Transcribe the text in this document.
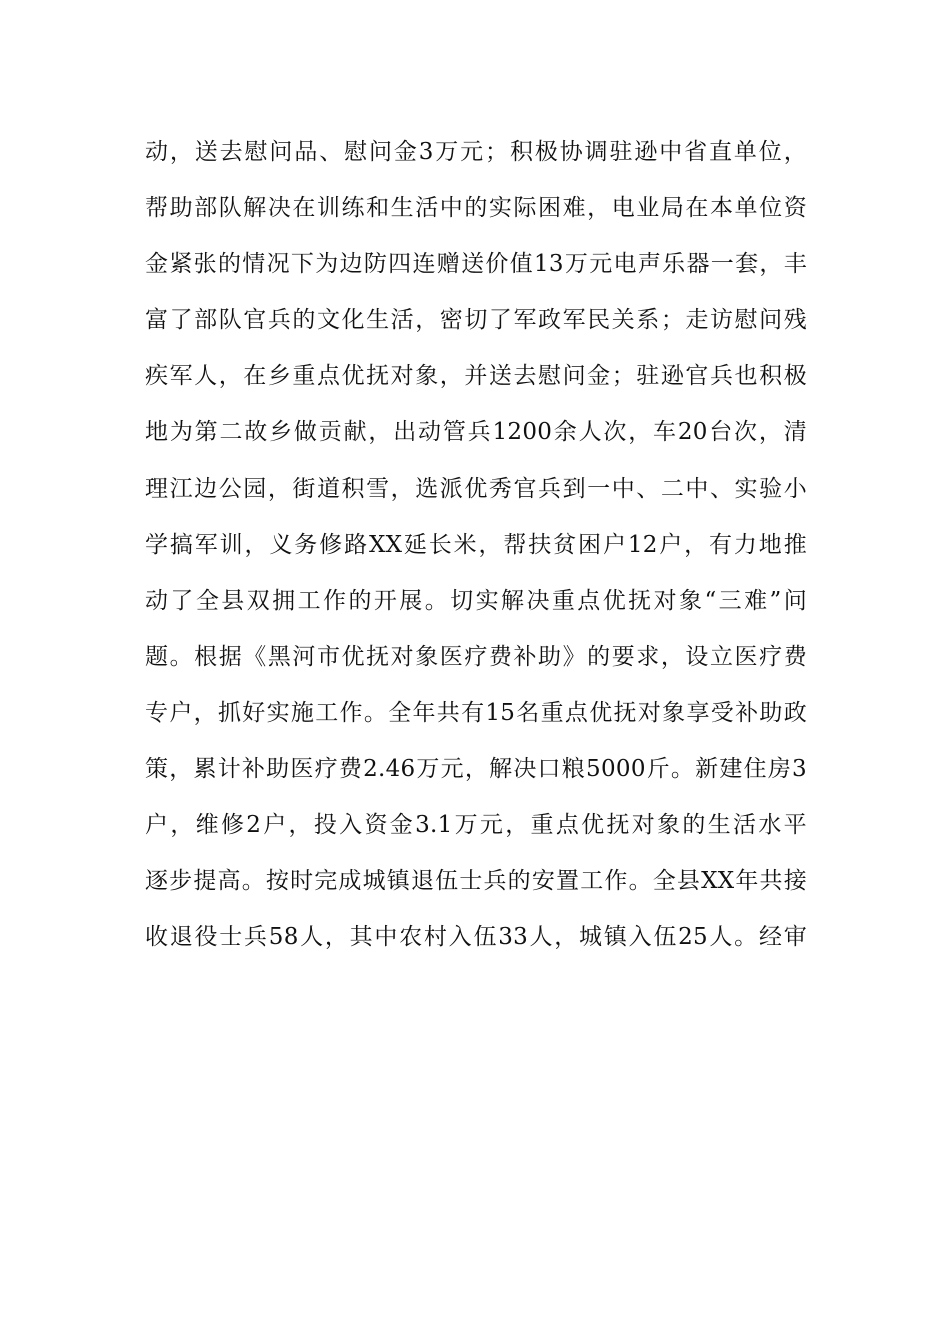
动，送去慰问品、慰问金3万元；积极协调驻逊中省直单位，
帮助部队解决在训练和生活中的实际困难，电业局在本单位资
金紧张的情况下为边防四连赠送价值13万元电声乐器一套，丰
富了部队官兵的文化生活，密切了军政军民关系；走访慰问残
疾军人，在乡重点优抚对象，并送去慰问金；驻逊官兵也积极
地为第二故乡做贡献，出动管兵1200余人次，车20台次，清
理江边公园，街道积雪，选派优秀官兵到一中、二中、实验小
学搞军训，义务修路XX延长米，帮扶贫困户12户，有力地推
动了全县双拥工作的开展。切实解决重点优抚对象“三难”问
题。根据《黑河市优抚对象医疗费补助》的要求，设立医疗费
专户，抓好实施工作。全年共有15名重点优抚对象享受补助政
策，累计补助医疗费2.46万元，解决口粮5000斤。新建住房3
户，维修2户，投入资金3.1万元，重点优抚对象的生活水平
逐步提高。按时完成城镇退伍士兵的安置工作。全县XX年共接
收退役士兵58人，其中农村入伍33人，城镇入伍25人。经审
